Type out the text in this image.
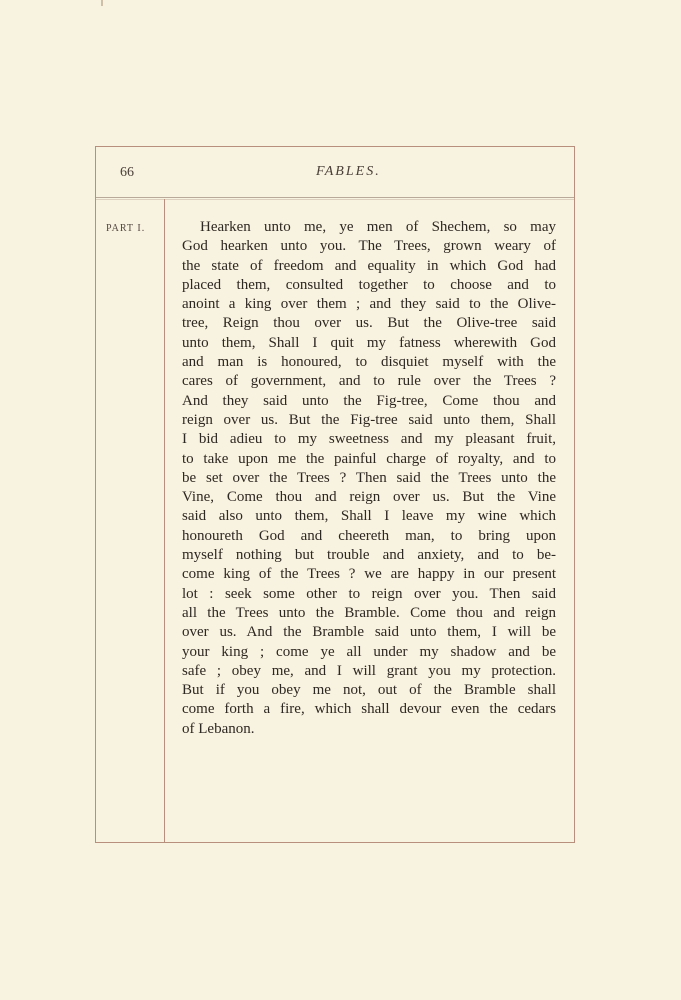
66	FABLES.
PART I.	Hearken unto me, ye men of Shechem, so may
God hearken unto you. The Trees, grown weary of
the state of freedom and equality in which God had
placed them, consulted together to choose and to
anoint a king over them ; and they said to the Olive-
tree, Reign thou over us. But the Olive-tree said
unto them, Shall I quit my fatness wherewith God
and man is honoured, to disquiet myself with the
cares of government, and to rule over the Trees ?
And they said unto the Fig-tree, Come thou and
reign over us. But the Fig-tree said unto them, Shall
I bid adieu to my sweetness and my pleasant fruit,
to take upon me the painful charge of royalty, and to
be set over the Trees ? Then said the Trees unto the
Vine, Come thou and reign over us. But the Vine
said also unto them, Shall I leave my wine which
honoureth God and cheereth man, to bring upon
myself nothing but trouble and anxiety, and to be-
come king of the Trees ? we are happy in our present
lot : seek some other to reign over you. Then said
all the Trees unto the Bramble. Come thou and reign
over us. And the Bramble said unto them, I will be
your king ; come ye all under my shadow and be
safe ; obey me, and I will grant you my protection.
But if you obey me not, out of the Bramble shall
come forth a fire, which shall devour even the cedars
of Lebanon.
